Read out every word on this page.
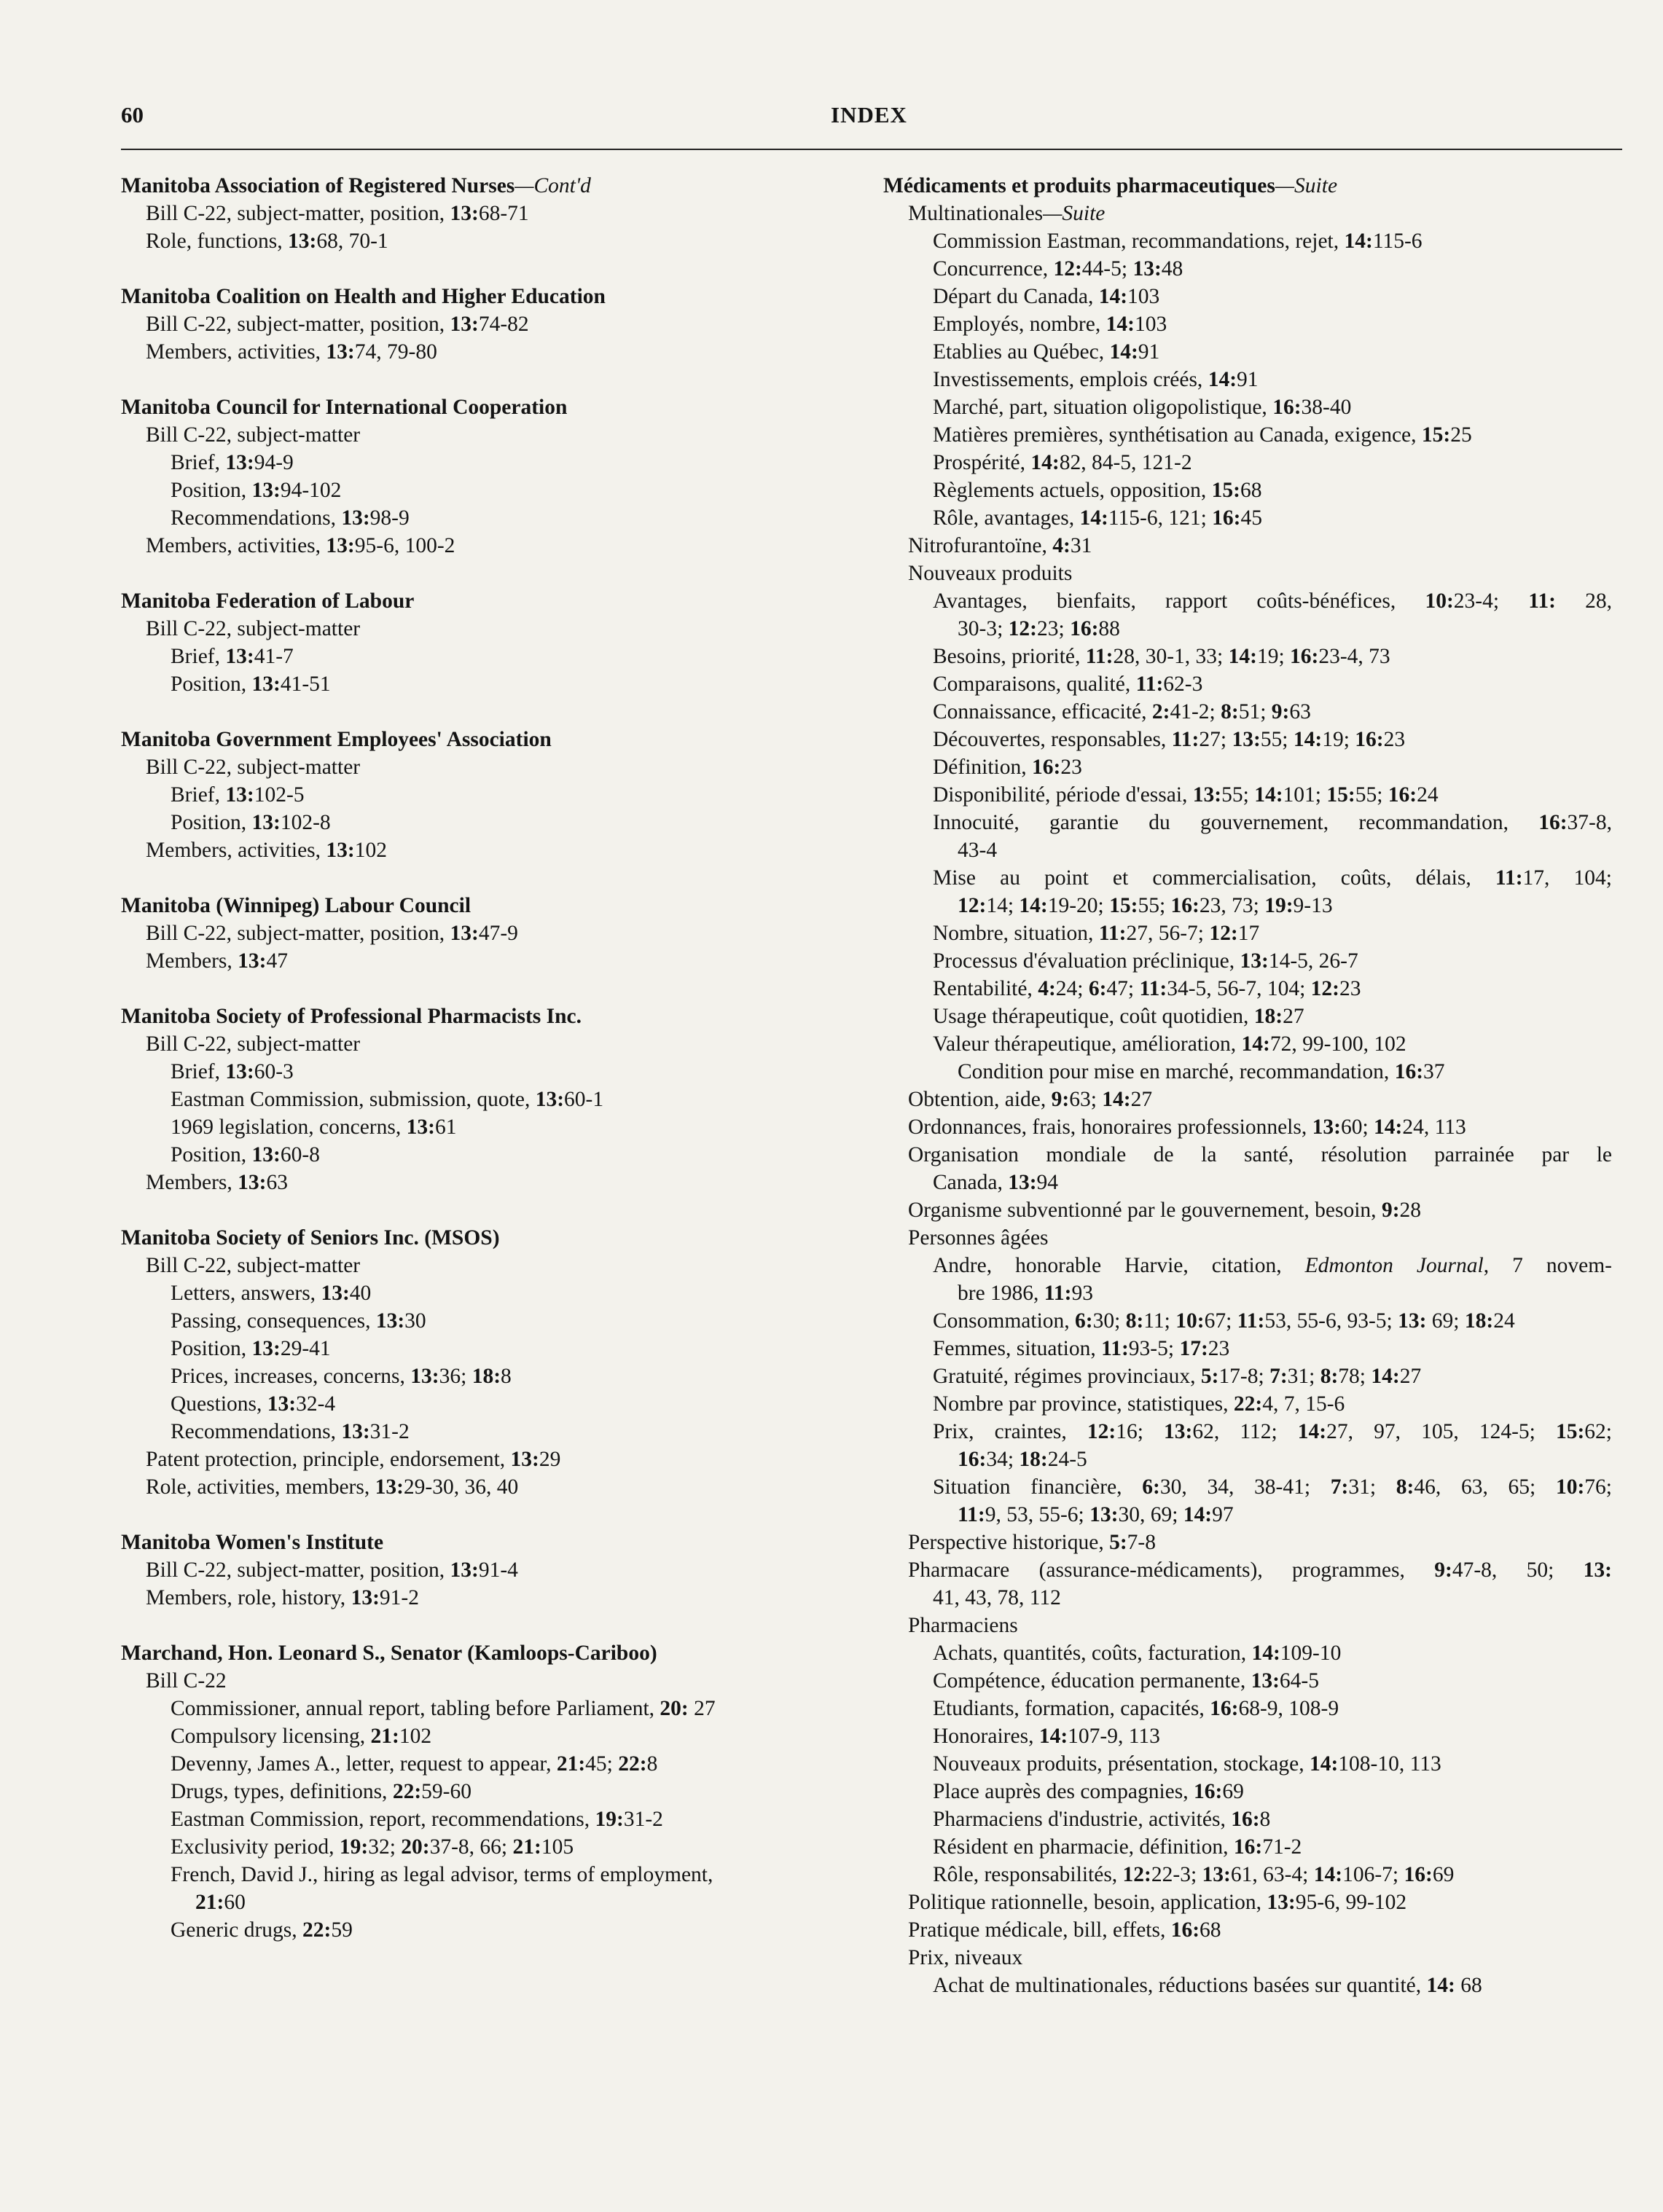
60	INDEX
Manitoba Association of Registered Nurses—Cont'd
Bill C-22, subject-matter, position, 13:68-71
Role, functions, 13:68, 70-1
Manitoba Coalition on Health and Higher Education
Bill C-22, subject-matter, position, 13:74-82
Members, activities, 13:74, 79-80
Manitoba Council for International Cooperation
Bill C-22, subject-matter
Brief, 13:94-9
Position, 13:94-102
Recommendations, 13:98-9
Members, activities, 13:95-6, 100-2
Manitoba Federation of Labour
Bill C-22, subject-matter
Brief, 13:41-7
Position, 13:41-51
Manitoba Government Employees' Association
Bill C-22, subject-matter
Brief, 13:102-5
Position, 13:102-8
Members, activities, 13:102
Manitoba (Winnipeg) Labour Council
Bill C-22, subject-matter, position, 13:47-9
Members, 13:47
Manitoba Society of Professional Pharmacists Inc.
Bill C-22, subject-matter
Brief, 13:60-3
Eastman Commission, submission, quote, 13:60-1
1969 legislation, concerns, 13:61
Position, 13:60-8
Members, 13:63
Manitoba Society of Seniors Inc. (MSOS)
Bill C-22, subject-matter
Letters, answers, 13:40
Passing, consequences, 13:30
Position, 13:29-41
Prices, increases, concerns, 13:36; 18:8
Questions, 13:32-4
Recommendations, 13:31-2
Patent protection, principle, endorsement, 13:29
Role, activities, members, 13:29-30, 36, 40
Manitoba Women's Institute
Bill C-22, subject-matter, position, 13:91-4
Members, role, history, 13:91-2
Marchand, Hon. Leonard S., Senator (Kamloops-Cariboo)
Bill C-22
Commissioner, annual report, tabling before Parliament, 20: 27
Compulsory licensing, 21:102
Devenny, James A., letter, request to appear, 21:45; 22:8
Drugs, types, definitions, 22:59-60
Eastman Commission, report, recommendations, 19:31-2
Exclusivity period, 19:32; 20:37-8, 66; 21:105
French, David J., hiring as legal advisor, terms of employment,
21:60
Generic drugs, 22:59
Médicaments et produits pharmaceutiques—Suite
Multinationales—Suite
Commission Eastman, recommandations, rejet, 14:115-6
Concurrence, 12:44-5; 13:48
Départ du Canada, 14:103
Employés, nombre, 14:103
Etablies au Québec, 14:91
Investissements, emplois créés, 14:91
Marché, part, situation oligopolistique, 16:38-40
Matières premières, synthétisation au Canada, exigence, 15:25
Prospérité, 14:82, 84-5, 121-2
Règlements actuels, opposition, 15:68
Rôle, avantages, 14:115-6, 121; 16:45
Nitrofurantoïne, 4:31
Nouveaux produits
Avantages, bienfaits, rapport coûts-bénéfices, 10:23-4; 11: 28,
30-3; 12:23; 16:88
Besoins, priorité, 11:28, 30-1, 33; 14:19; 16:23-4, 73
Comparaisons, qualité, 11:62-3
Connaissance, efficacité, 2:41-2; 8:51; 9:63
Découvertes, responsables, 11:27; 13:55; 14:19; 16:23
Définition, 16:23
Disponibilité, période d'essai, 13:55; 14:101; 15:55; 16:24
Innocuité, garantie du gouvernement, recommandation, 16:37-8,
43-4
Mise au point et commercialisation, coûts, délais, 11:17, 104;
12:14; 14:19-20; 15:55; 16:23, 73; 19:9-13
Nombre, situation, 11:27, 56-7; 12:17
Processus d'évaluation préclinique, 13:14-5, 26-7
Rentabilité, 4:24; 6:47; 11:34-5, 56-7, 104; 12:23
Usage thérapeutique, coût quotidien, 18:27
Valeur thérapeutique, amélioration, 14:72, 99-100, 102
Condition pour mise en marché, recommandation, 16:37
Obtention, aide, 9:63; 14:27
Ordonnances, frais, honoraires professionnels, 13:60; 14:24, 113
Organisation mondiale de la santé, résolution parrainée par le
Canada, 13:94
Organisme subventionné par le gouvernement, besoin, 9:28
Personnes âgées
Andre, honorable Harvie, citation, Edmonton Journal, 7 novem-
bre 1986, 11:93
Consommation, 6:30; 8:11; 10:67; 11:53, 55-6, 93-5; 13: 69; 18:24
Femmes, situation, 11:93-5; 17:23
Gratuité, régimes provinciaux, 5:17-8; 7:31; 8:78; 14:27
Nombre par province, statistiques, 22:4, 7, 15-6
Prix, craintes, 12:16; 13:62, 112; 14:27, 97, 105, 124-5; 15:62;
16:34; 18:24-5
Situation financière, 6:30, 34, 38-41; 7:31; 8:46, 63, 65; 10:76;
11:9, 53, 55-6; 13:30, 69; 14:97
Perspective historique, 5:7-8
Pharmacare (assurance-médicaments), programmes, 9:47-8, 50; 13:
41, 43, 78, 112
Pharmaciens
Achats, quantités, coûts, facturation, 14:109-10
Compétence, éducation permanente, 13:64-5
Etudiants, formation, capacités, 16:68-9, 108-9
Honoraires, 14:107-9, 113
Nouveaux produits, présentation, stockage, 14:108-10, 113
Place auprès des compagnies, 16:69
Pharmaciens d'industrie, activités, 16:8
Résident en pharmacie, définition, 16:71-2
Rôle, responsabilités, 12:22-3; 13:61, 63-4; 14:106-7; 16:69
Politique rationnelle, besoin, application, 13:95-6, 99-102
Pratique médicale, bill, effets, 16:68
Prix, niveaux
Achat de multinationales, réductions basées sur quantité, 14: 68
